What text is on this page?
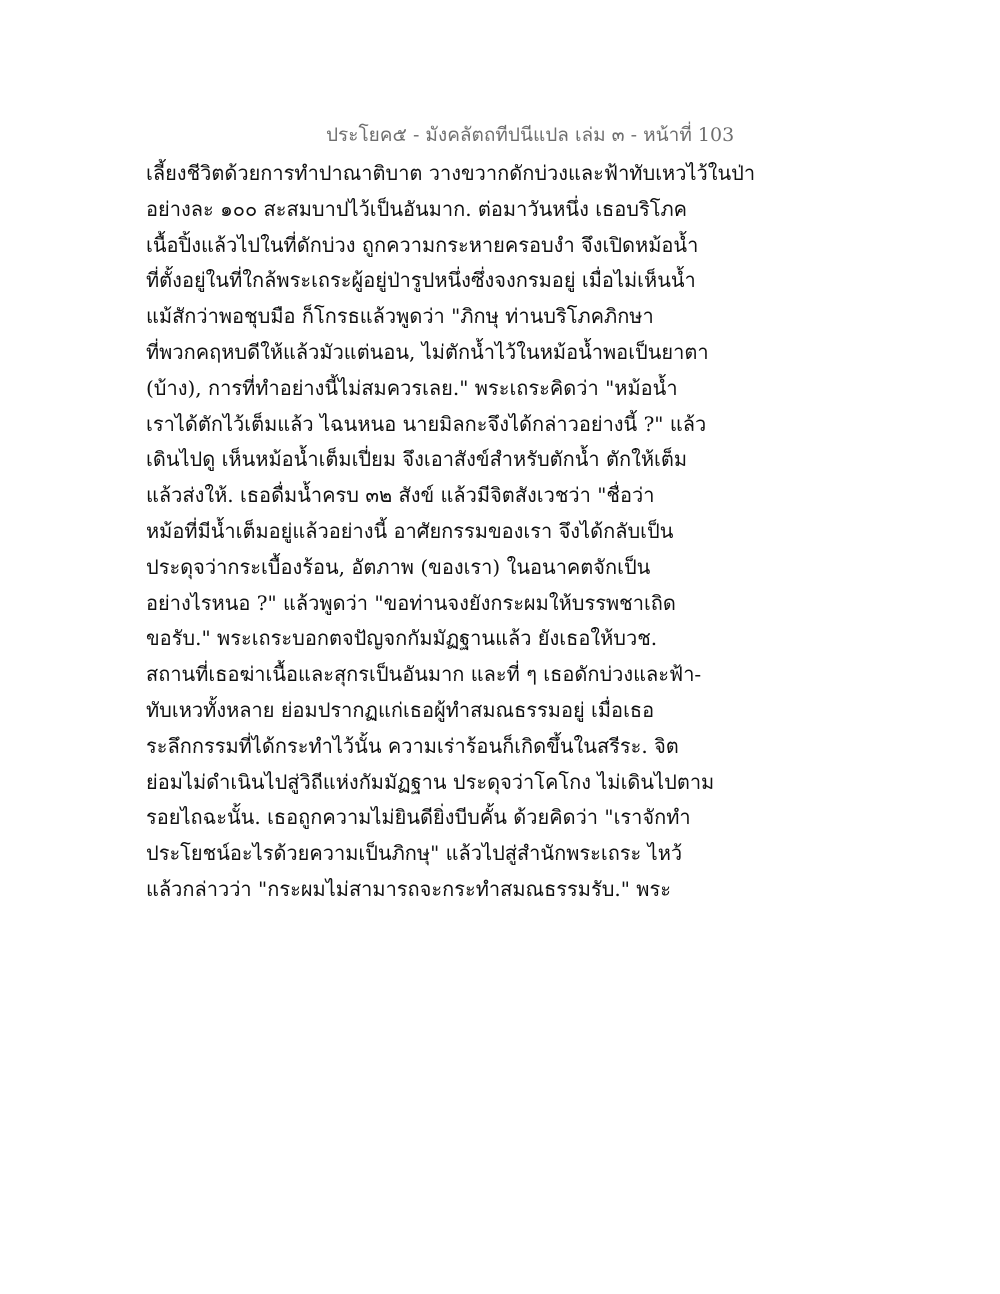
ประโยค๕ - มังคลัตถทีปนีแปล เล่ม ๓ - หน้าที่ 103
เลี้ยงชีวิตด้วยการทำปาณาติบาต วางขวากดักบ่วงและฟ้าทับเหวไว้ในป่า
อย่างละ ๑๐๐ สะสมบาปไว้เป็นอันมาก. ต่อมาวันหนึ่ง เธอบริโภค
เนื้อปิ้งแล้วไปในที่ดักบ่วง ถูกความกระหายครอบงำ จึงเปิดหม้อน้ำ
ที่ตั้งอยู่ในที่ใกล้พระเถระผู้อยู่ป่ารูปหนึ่งซึ่งจงกรมอยู่ เมื่อไม่เห็นน้ำ
แม้สักว่าพอชุบมือ ก็โกรธแล้วพูดว่า "ภิกษุ ท่านบริโภคภิกษา
ที่พวกคฤหบดีให้แล้วมัวแต่นอน, ไม่ตักน้ำไว้ในหม้อน้ำพอเป็นยาตา
(บ้าง), การที่ทำอย่างนี้ไม่สมควรเลย." พระเถระคิดว่า "หม้อน้ำ
เราได้ตักไว้เต็มแล้ว ไฉนหนอ นายมิลกะจึงได้กล่าวอย่างนี้ ?" แล้ว
เดินไปดู เห็นหม้อน้ำเต็มเปี่ยม จึงเอาสังข์สำหรับตักน้ำ ตักให้เต็ม
แล้วส่งให้. เธอดื่มน้ำครบ ๓๒ สังข์ แล้วมีจิตสังเวชว่า "ชื่อว่า
หม้อที่มีน้ำเต็มอยู่แล้วอย่างนี้ อาศัยกรรมของเรา จึงได้กลับเป็น
ประดุจว่ากระเบื้องร้อน, อัตภาพ (ของเรา) ในอนาคตจักเป็น
อย่างไรหนอ ?" แล้วพูดว่า "ขอท่านจงยังกระผมให้บรรพชาเถิด
ขอรับ." พระเถระบอกตจปัญจกกัมมัฏฐานแล้ว ยังเธอให้บวช.
สถานที่เธอฆ่าเนื้อและสุกรเป็นอันมาก และที่ ๆ เธอดักบ่วงและฟ้า-
ทับเหวทั้งหลาย ย่อมปรากฏแก่เธอผู้ทำสมณธรรมอยู่ เมื่อเธอ
ระลึกกรรมที่ได้กระทำไว้นั้น ความเร่าร้อนก็เกิดขึ้นในสรีระ. จิต
ย่อมไม่ดำเนินไปสู่วิถีแห่งกัมมัฏฐาน ประดุจว่าโคโกง ไม่เดินไปตาม
รอยไถฉะนั้น. เธอถูกความไม่ยินดียิ่งบีบคั้น ด้วยคิดว่า "เราจักทำ
ประโยชน์อะไรด้วยความเป็นภิกษุ" แล้วไปสู่สำนักพระเถระ ไหว้
แล้วกล่าวว่า "กระผมไม่สามารถจะกระทำสมณธรรมรับ." พระ
